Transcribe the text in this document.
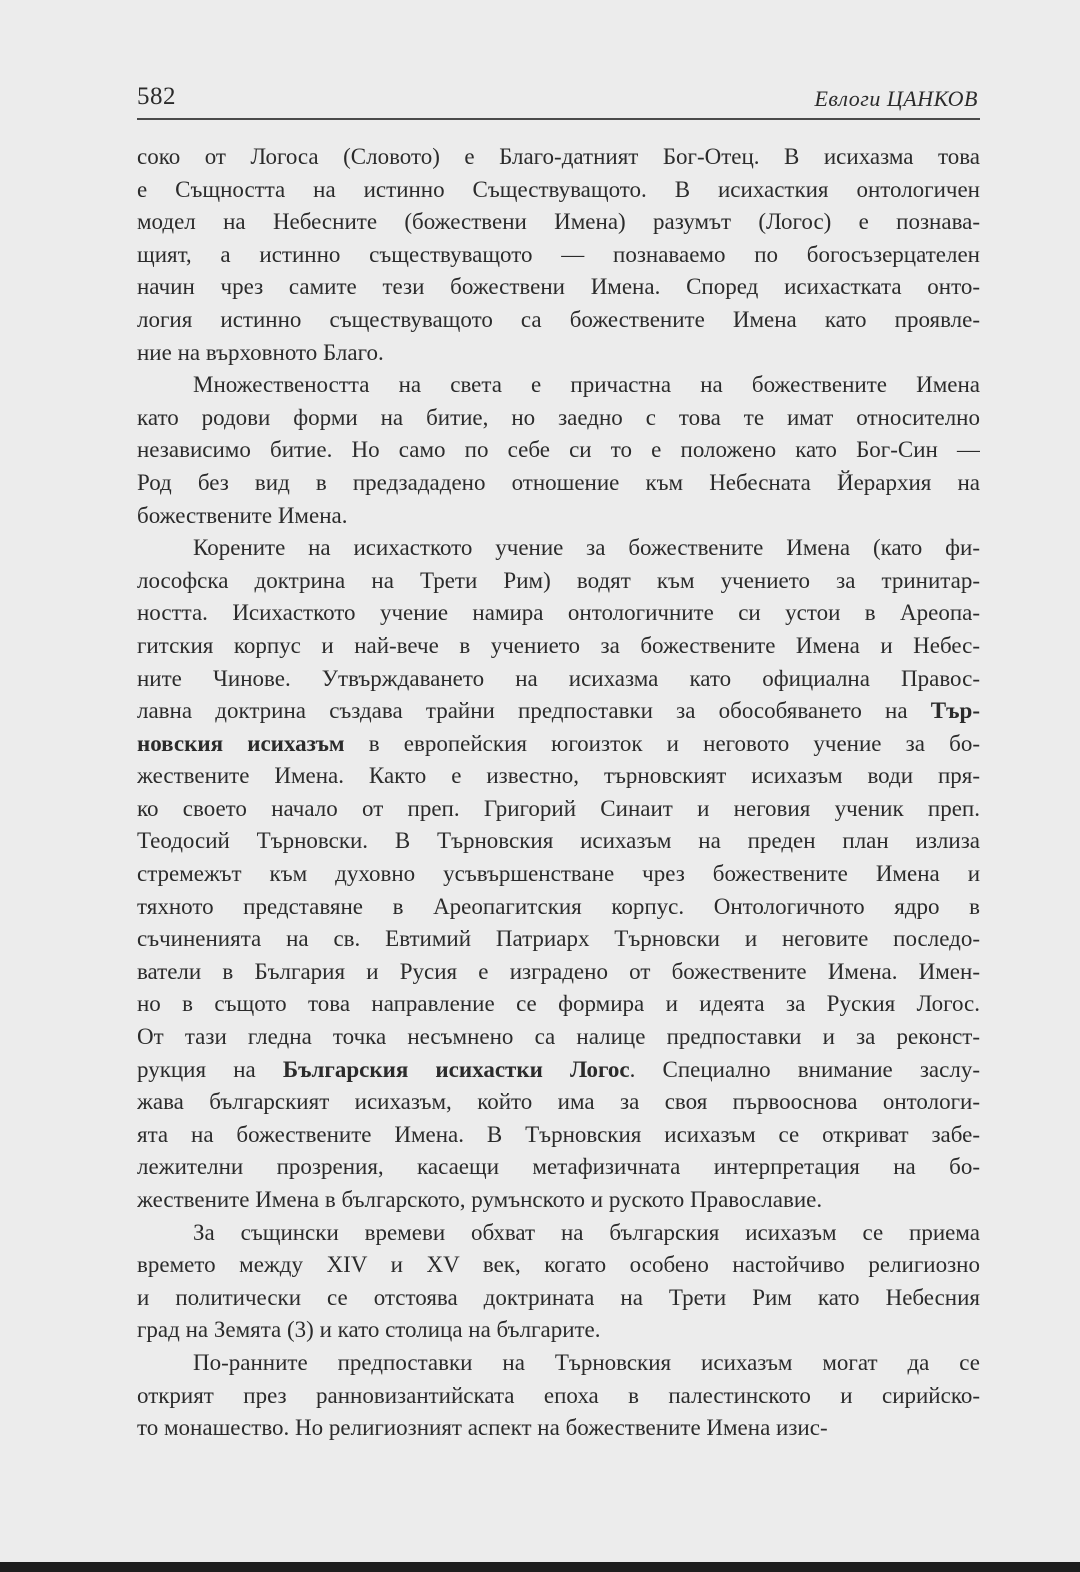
582	Евлоги ЦАНКОВ
соко от Логоса (Словото) е Благо-датният Бог-Отец. В исихазма това
е Същността на истинно Съществуващото. В исихасткия онтологичен
модел на Небесните (божествени Имена) разумът (Логос) е познава-
щият, а истинно съществуващото — познаваемо по богосъзерцателен
начин чрез самите тези божествени Имена. Според исихастката онто-
логия истинно съществуващото са божествените Имена като проявле-
ние на върховното Благо.
Множествеността на света е причастна на божествените Имена
като родови форми на битие, но заедно с това те имат относително
независимо битие. Но само по себе си то е положено като Бог-Син —
Род без вид в предзададено отношение към Небесната Йерархия на
божествените Имена.
Корените на исихасткото учение за божествените Имена (като фи-
лософска доктрина на Трети Рим) водят към учението за тринитар-
ността. Исихасткото учение намира онтологичните си устои в Ареопа-
гитския корпус и най-вече в учението за божествените Имена и Небес-
ните Чинове. Утвърждаването на исихазма като официална Правос-
лавна доктрина създава трайни предпоставки за обособяването на Тър-
новския исихазъм в европейския югоизток и неговото учение за бо-
жествените Имена. Както е известно, търновският исихазъм води пря-
ко своето начало от преп. Григорий Синаит и неговия ученик преп.
Теодосий Търновски. В Търновския исихазъм на преден план излиза
стремежът към духовно усъвършенстване чрез божествените Имена и
тяхното представяне в Ареопагитския корпус. Онтологичното ядро в
съчиненията на св. Евтимий Патриарх Търновски и неговите последо-
ватели в България и Русия е изградено от божествените Имена. Имен-
но в същото това направление се формира и идеята за Руския Логос.
От тази гледна точка несъмнено са налице предпоставки и за реконст-
рукция на Българския исихастки Логос. Специално внимание заслу-
жава българският исихазъм, който има за своя първооснова онтологи-
ята на божествените Имена. В Търновския исихазъм се откриват забе-
лежителни прозрения, касаещи метафизичната интерпретация на бо-
жествените Имена в българското, румънското и руското Православие.
За същински времеви обхват на българския исихазъм се приема
времето между XIV и XV век, когато особено настойчиво религиозно
и политически се отстоява доктрината на Трети Рим като Небесния
град на Земята (3) и като столица на българите.
По-ранните предпоставки на Търновския исихазъм могат да се
открият през ранновизантийската епоха в палестинското и сирийско-
то монашество. Но религиозният аспект на божествените Имена изис-
